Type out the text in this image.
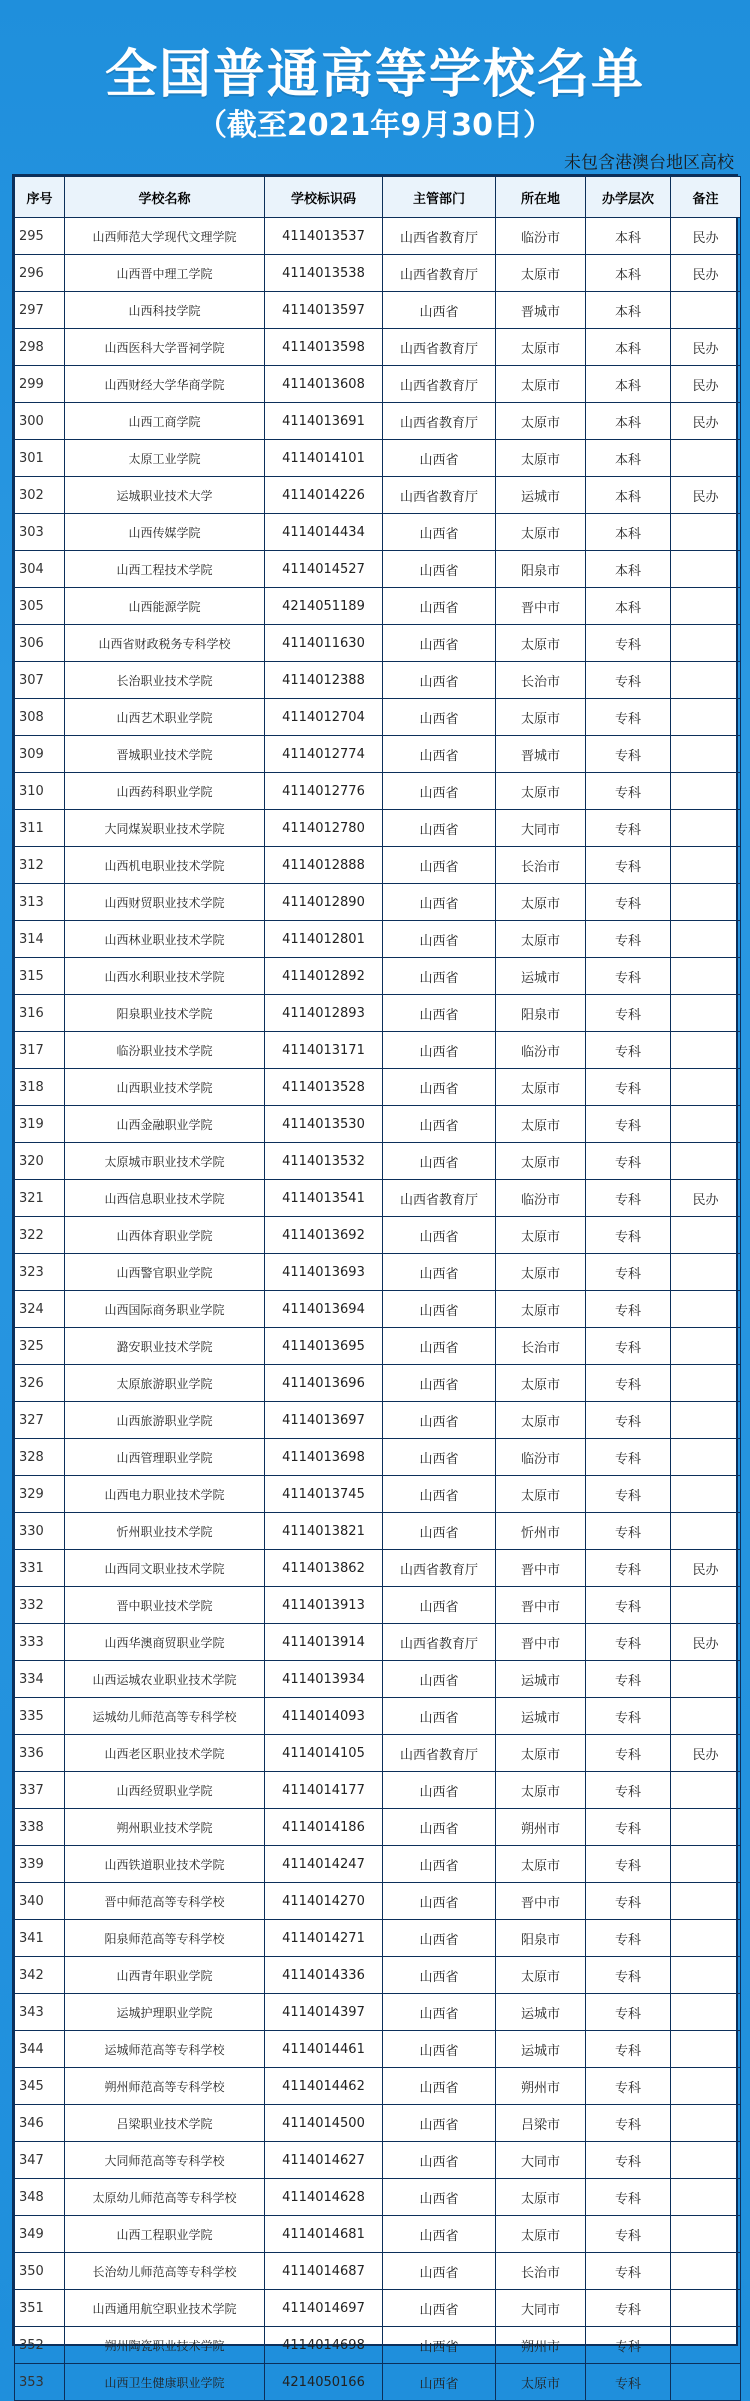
全国普通高等学校名单
（截至2021年9月30日）
未包含港澳台地区高校
序号	学校名称	学校标识码	主管部门	所在地	办学层次	备注
295	山西师范大学现代文理学院	4114013537	山西省教育厅	临汾市	本科	民办
296	山西晋中理工学院	4114013538	山西省教育厅	太原市	本科	民办
297	山西科技学院	4114013597	山西省	晋城市	本科	
298	山西医科大学晋祠学院	4114013598	山西省教育厅	太原市	本科	民办
299	山西财经大学华商学院	4114013608	山西省教育厅	太原市	本科	民办
300	山西工商学院	4114013691	山西省教育厅	太原市	本科	民办
301	太原工业学院	4114014101	山西省	太原市	本科	
302	运城职业技术大学	4114014226	山西省教育厅	运城市	本科	民办
303	山西传媒学院	4114014434	山西省	太原市	本科	
304	山西工程技术学院	4114014527	山西省	阳泉市	本科	
305	山西能源学院	4214051189	山西省	晋中市	本科	
306	山西省财政税务专科学校	4114011630	山西省	太原市	专科	
307	长治职业技术学院	4114012388	山西省	长治市	专科	
308	山西艺术职业学院	4114012704	山西省	太原市	专科	
309	晋城职业技术学院	4114012774	山西省	晋城市	专科	
310	山西药科职业学院	4114012776	山西省	太原市	专科	
311	大同煤炭职业技术学院	4114012780	山西省	大同市	专科	
312	山西机电职业技术学院	4114012888	山西省	长治市	专科	
313	山西财贸职业技术学院	4114012890	山西省	太原市	专科	
314	山西林业职业技术学院	4114012801	山西省	太原市	专科	
315	山西水利职业技术学院	4114012892	山西省	运城市	专科	
316	阳泉职业技术学院	4114012893	山西省	阳泉市	专科	
317	临汾职业技术学院	4114013171	山西省	临汾市	专科	
318	山西职业技术学院	4114013528	山西省	太原市	专科	
319	山西金融职业学院	4114013530	山西省	太原市	专科	
320	太原城市职业技术学院	4114013532	山西省	太原市	专科	
321	山西信息职业技术学院	4114013541	山西省教育厅	临汾市	专科	民办
322	山西体育职业学院	4114013692	山西省	太原市	专科	
323	山西警官职业学院	4114013693	山西省	太原市	专科	
324	山西国际商务职业学院	4114013694	山西省	太原市	专科	
325	潞安职业技术学院	4114013695	山西省	长治市	专科	
326	太原旅游职业学院	4114013696	山西省	太原市	专科	
327	山西旅游职业学院	4114013697	山西省	太原市	专科	
328	山西管理职业学院	4114013698	山西省	临汾市	专科	
329	山西电力职业技术学院	4114013745	山西省	太原市	专科	
330	忻州职业技术学院	4114013821	山西省	忻州市	专科	
331	山西同文职业技术学院	4114013862	山西省教育厅	晋中市	专科	民办
332	晋中职业技术学院	4114013913	山西省	晋中市	专科	
333	山西华澳商贸职业学院	4114013914	山西省教育厅	晋中市	专科	民办
334	山西运城农业职业技术学院	4114013934	山西省	运城市	专科	
335	运城幼儿师范高等专科学校	4114014093	山西省	运城市	专科	
336	山西老区职业技术学院	4114014105	山西省教育厅	太原市	专科	民办
337	山西经贸职业学院	4114014177	山西省	太原市	专科	
338	朔州职业技术学院	4114014186	山西省	朔州市	专科	
339	山西铁道职业技术学院	4114014247	山西省	太原市	专科	
340	晋中师范高等专科学校	4114014270	山西省	晋中市	专科	
341	阳泉师范高等专科学校	4114014271	山西省	阳泉市	专科	
342	山西青年职业学院	4114014336	山西省	太原市	专科	
343	运城护理职业学院	4114014397	山西省	运城市	专科	
344	运城师范高等专科学校	4114014461	山西省	运城市	专科	
345	朔州师范高等专科学校	4114014462	山西省	朔州市	专科	
346	吕梁职业技术学院	4114014500	山西省	吕梁市	专科	
347	大同师范高等专科学校	4114014627	山西省	大同市	专科	
348	太原幼儿师范高等专科学校	4114014628	山西省	太原市	专科	
349	山西工程职业学院	4114014681	山西省	太原市	专科	
350	长治幼儿师范高等专科学校	4114014687	山西省	长治市	专科	
351	山西通用航空职业技术学院	4114014697	山西省	大同市	专科	
352	朔州陶瓷职业技术学院	4114014698	山西省	朔州市	专科	
353	山西卫生健康职业学院	4214050166	山西省	太原市	专科	
